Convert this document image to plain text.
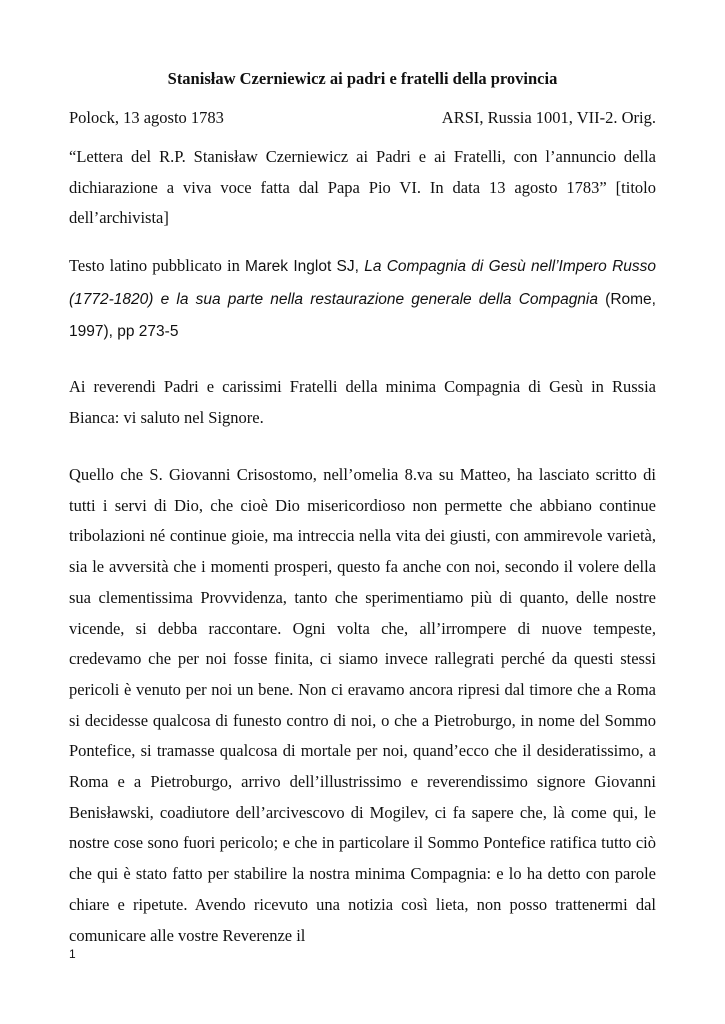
Stanisław Czerniewicz ai padri e fratelli della provincia
Polock, 13 agosto 1783	ARSI, Russia 1001, VII-2. Orig.

“Lettera del R.P. Stanisław Czerniewicz ai Padri e ai Fratelli, con l’annuncio della dichiarazione a viva voce fatta dal Papa Pio VI. In data 13 agosto 1783” [titolo dell’archivista]

Testo latino pubblicato in Marek Inglot SJ, La Compagnia di Gesù nell’Impero Russo (1772-1820) e la sua parte nella restaurazione generale della Compagnia (Rome, 1997), pp 273-5

Ai reverendi Padri e carissimi Fratelli della minima Compagnia di Gesù in Russia Bianca: vi saluto nel Signore.

Quello che S. Giovanni Crisostomo, nell’omelia 8.va su Matteo, ha lasciato scritto di tutti i servi di Dio, che cioè Dio misericordioso non permette che abbiano continue tribolazioni né continue gioie, ma intreccia nella vita dei giusti, con ammirevole varietà, sia le avversità che i momenti prosperi, questo fa anche con noi, secondo il volere della sua clementissima Provvidenza, tanto che sperimentiamo più di quanto, delle nostre vicende, si debba raccontare. Ogni volta che, all’irrompere di nuove tempeste, credevamo che per noi fosse finita, ci siamo invece rallegrati perché da questi stessi pericoli è venuto per noi un bene. Non ci eravamo ancora ripresi dal timore che a Roma si decidesse qualcosa di funesto contro di noi, o che a Pietroburgo, in nome del Sommo Pontefice, si tramasse qualcosa di mortale per noi, quand’ecco che il desideratissimo, a Roma e a Pietroburgo, arrivo dell’illustrissimo e reverendissimo signore Giovanni Benisławski, coadiutore dell’arcivescovo di Mogilev, ci fa sapere che, là come qui, le nostre cose sono fuori pericolo; e che in particolare il Sommo Pontefice ratifica tutto ciò che qui è stato fatto per stabilire la nostra minima Compagnia: e lo ha detto con parole chiare e ripetute. Avendo ricevuto una notizia così lieta, non posso trattenermi dal comunicare alle vostre Reverenze il

1
